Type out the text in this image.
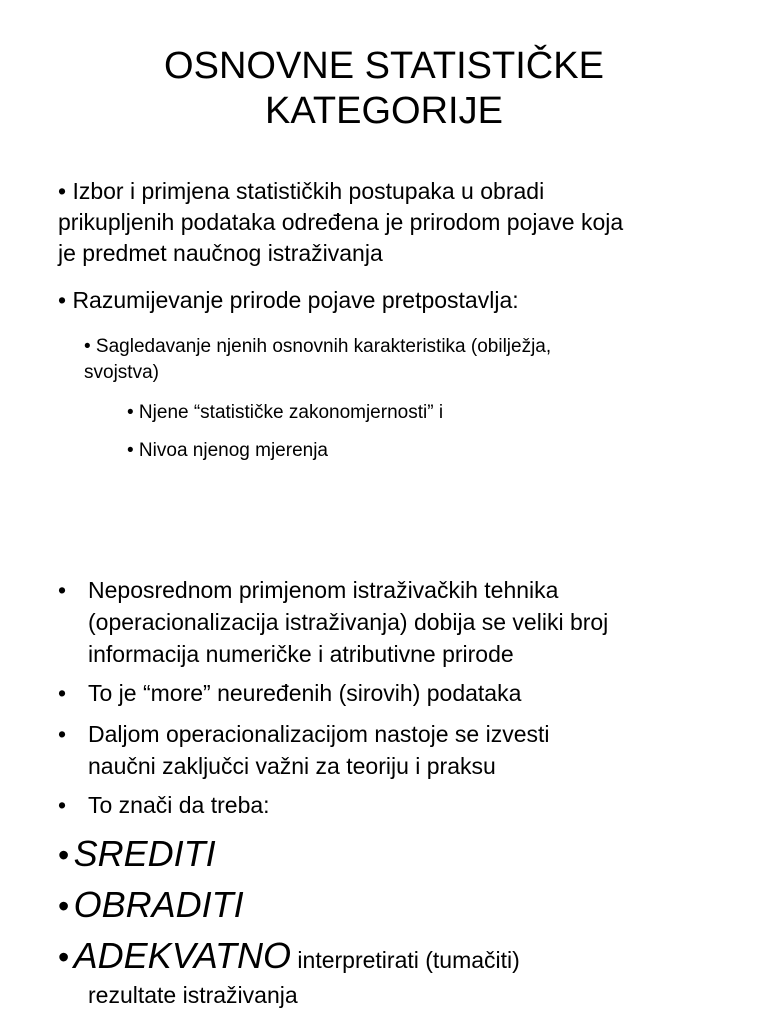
OSNOVNE STATISTIČKE
KATEGORIJE
• Izbor i primjena statističkih postupaka u obradi
prikupljenih podataka određena je prirodom pojave koja
je predmet naučnog istraživanja
• Razumijevanje prirode pojave pretpostavlja:
• Sagledavanje njenih osnovnih karakteristika (obilježja,
svojstva)
• Njene “statističke zakonomjernosti” i
• Nivoa njenog mjerenja
• Neposrednom primjenom istraživačkih tehnika
(operacionalizacija istraživanja) dobija se veliki broj
informacija numeričke i atributivne prirode
• To je “more” neuređenih (sirovih) podataka
• Daljom operacionalizacijom nastoje se izvesti
naučni zaključci važni za teoriju i praksu
• To znači da treba:
• SREDITI
• OBRADITI
• ADEKVATNO interpretirati (tumačiti)
rezultate istraživanja
